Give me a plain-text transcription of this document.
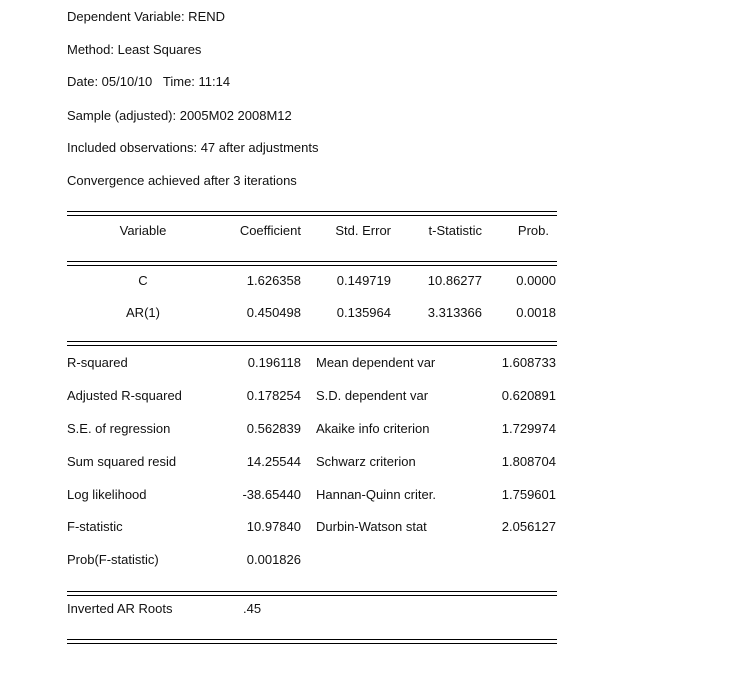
Dependent Variable: REND
Method: Least Squares
Date: 05/10/10   Time: 11:14
Sample (adjusted): 2005M02 2008M12
Included observations: 47 after adjustments
Convergence achieved after 3 iterations
Variable	Coefficient	Std. Error	t-Statistic	Prob.
C	1.626358	0.149719	10.86277	0.0000
AR(1)	0.450498	0.135964	3.313366	0.0018
R-squared	0.196118 Mean dependent var	1.608733
Adjusted R-squared	0.178254 S.D. dependent var	0.620891
S.E. of regression	0.562839 Akaike info criterion	1.729974
Sum squared resid	14.25544 Schwarz criterion	1.808704
Log likelihood	-38.65440 Hannan-Quinn criter.	1.759601
F-statistic	10.97840 Durbin-Watson stat	2.056127
Prob(F-statistic)	0.001826
Inverted AR Roots	.45
